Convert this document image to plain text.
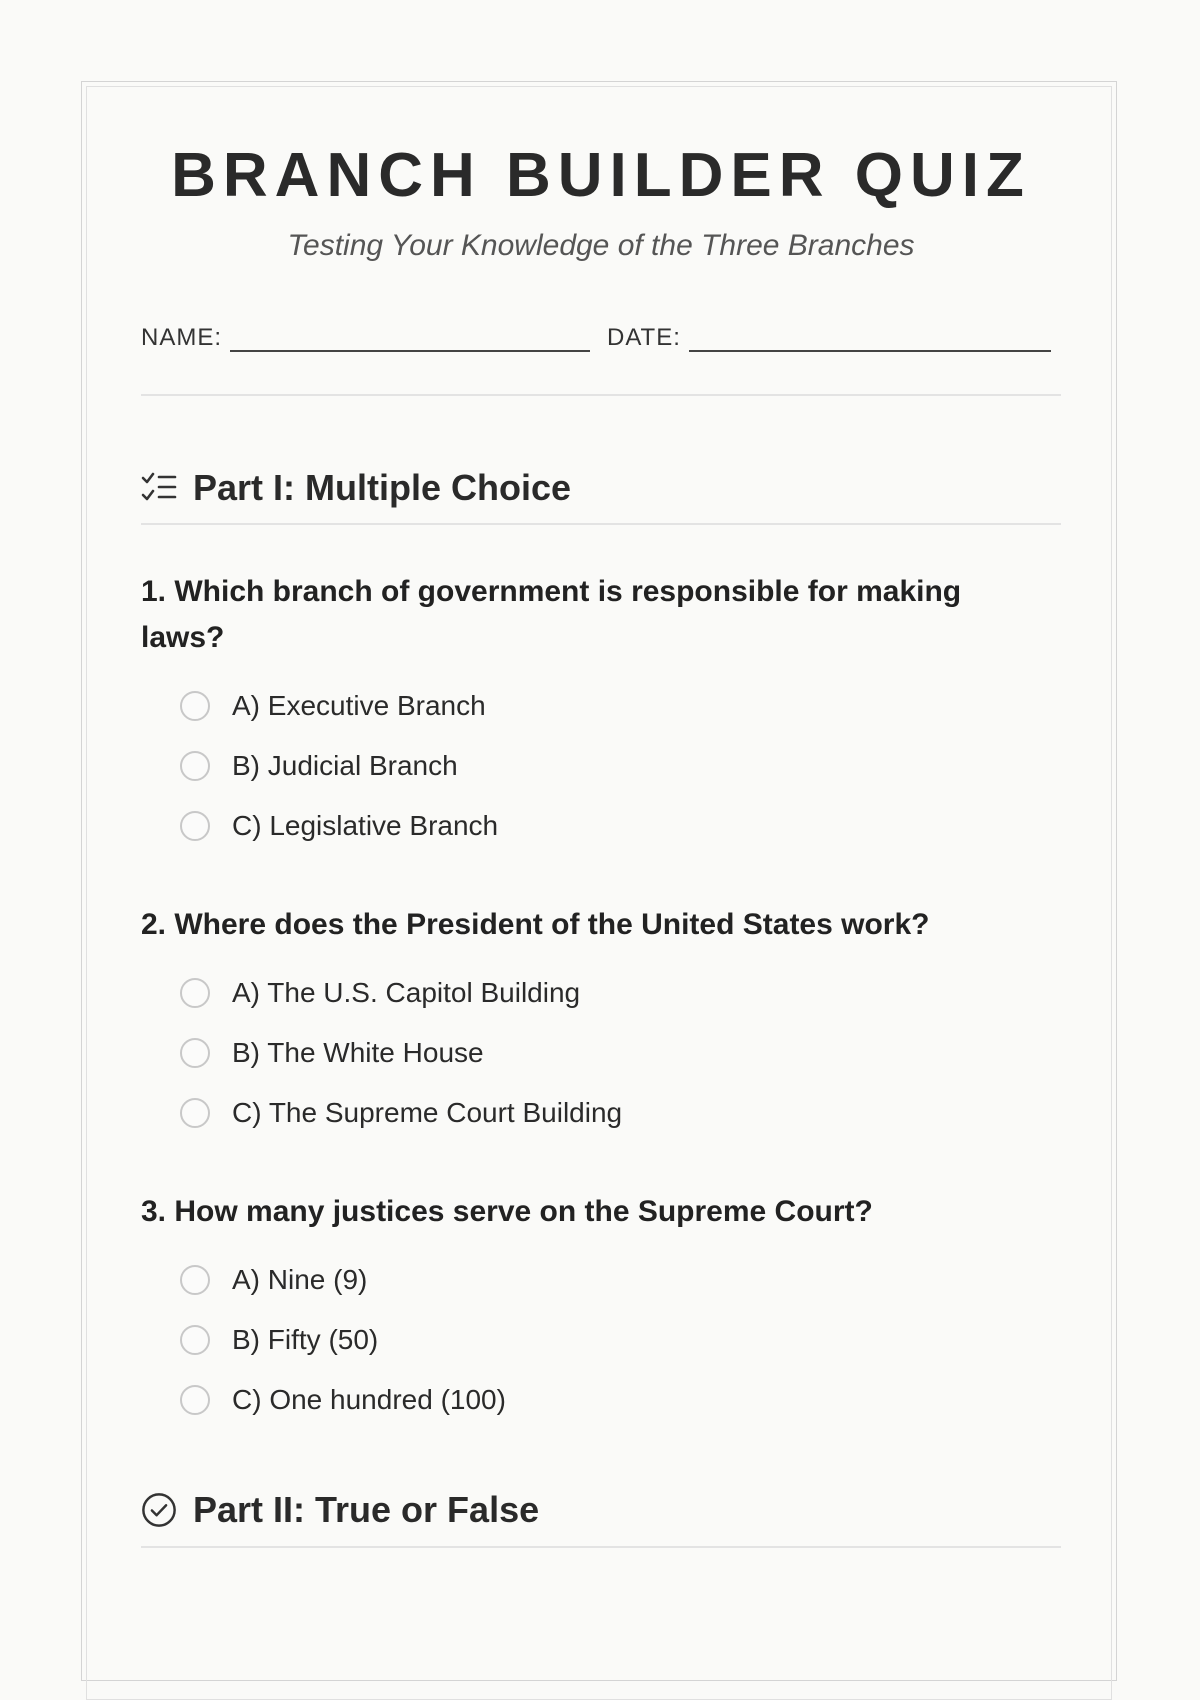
BRANCH BUILDER QUIZ
Testing Your Knowledge of the Three Branches
NAME:	DATE:
Part I: Multiple Choice
1. Which branch of government is responsible for making laws?
A) Executive Branch
B) Judicial Branch
C) Legislative Branch
2. Where does the President of the United States work?
A) The U.S. Capitol Building
B) The White House
C) The Supreme Court Building
3. How many justices serve on the Supreme Court?
A) Nine (9)
B) Fifty (50)
C) One hundred (100)
Part II: True or False
